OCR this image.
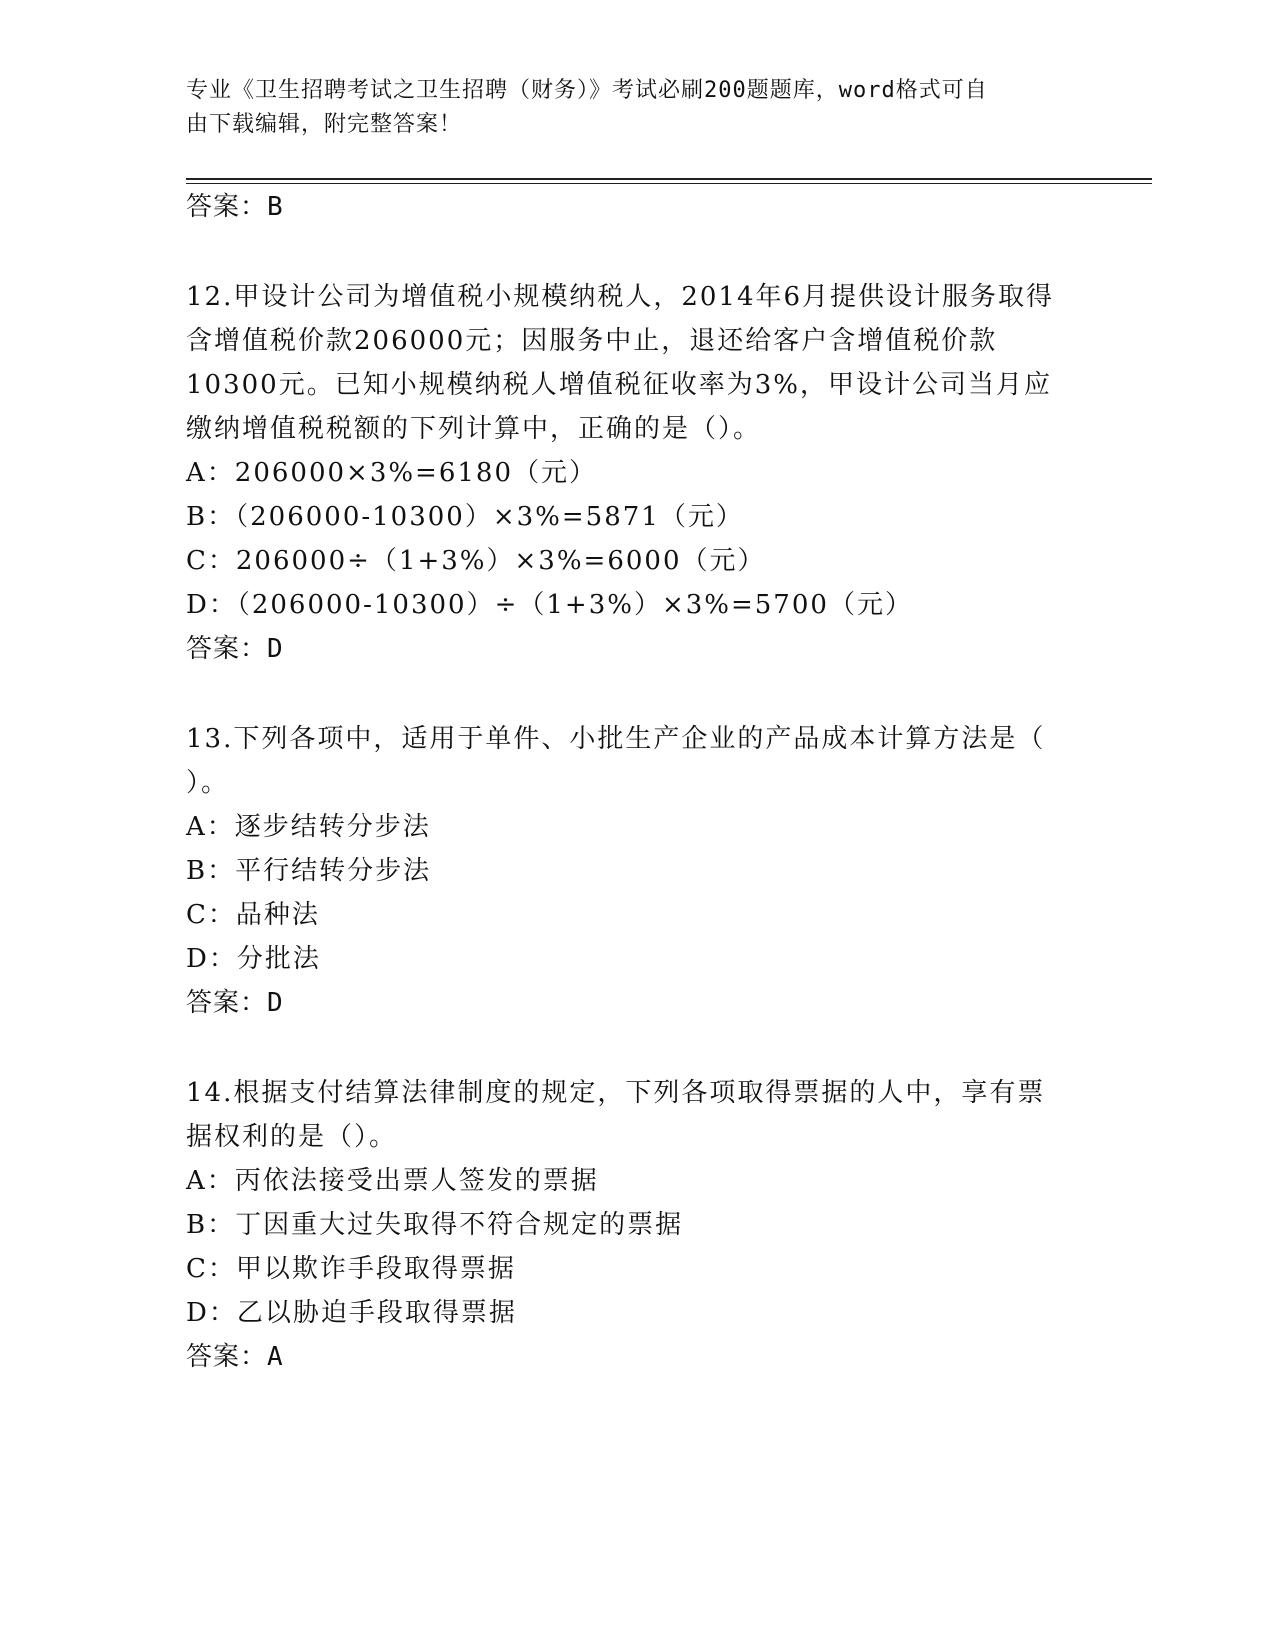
专业《卫生招聘考试之卫生招聘（财务）》考试必刷200题题库，word格式可自
由下载编辑，附完整答案！
答案：B
12.甲设计公司为增值税小规模纳税人，2014年6月提供设计服务取得
含增值税价款206000元；因服务中止，退还给客户含增值税价款
10300元。已知小规模纳税人增值税征收率为3%，甲设计公司当月应
缴纳增值税税额的下列计算中，正确的是（）。
A：206000×3%=6180（元）
B：（206000-10300）×3%=5871（元）
C：206000÷（1+3%）×3%=6000（元）
D：（206000-10300）÷（1+3%）×3%=5700（元）
答案：D
13.下列各项中，适用于单件、小批生产企业的产品成本计算方法是（
）。
A：逐步结转分步法
B：平行结转分步法
C：品种法
D：分批法
答案：D
14.根据支付结算法律制度的规定，下列各项取得票据的人中，享有票
据权利的是（）。
A：丙依法接受出票人签发的票据
B：丁因重大过失取得不符合规定的票据
C：甲以欺诈手段取得票据
D：乙以胁迫手段取得票据
答案：A
